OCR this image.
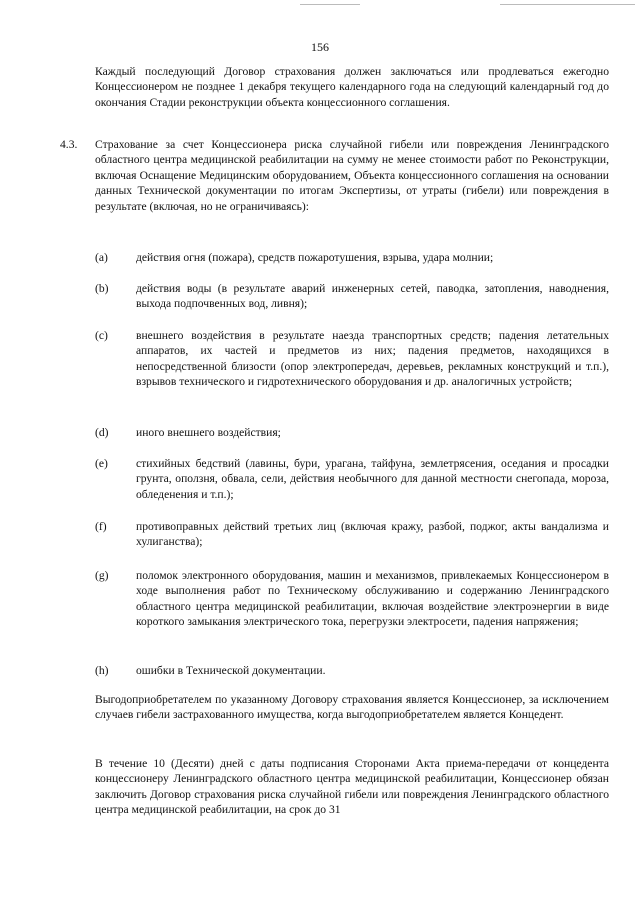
156

Каждый последующий Договор страхования должен заключаться или продлеваться ежегодно Концессионером не позднее 1 декабря текущего календарного года на следующий календарный год до окончания Стадии реконструкции объекта концессионного соглашения.

4.3. Страхование за счет Концессионера риска случайной гибели или повреждения Ленинградского областного центра медицинской реабилитации на сумму не менее стоимости работ по Реконструкции, включая Оснащение Медицинским оборудованием, Объекта концессионного соглашения на основании данных Технической документации по итогам Экспертизы, от утраты (гибели) или повреждения в результате (включая, но не ограничиваясь):

(a) действия огня (пожара), средств пожаротушения, взрыва, удара молнии;

(b) действия воды (в результате аварий инженерных сетей, паводка, затопления, наводнения, выхода подпочвенных вод, ливня);

(c) внешнего воздействия в результате наезда транспортных средств; падения летательных аппаратов, их частей и предметов из них; падения предметов, находящихся в непосредственной близости (опор электропередач, деревьев, рекламных конструкций и т.п.), взрывов технического и гидротехнического оборудования и др. аналогичных устройств;

(d) иного внешнего воздействия;

(e) стихийных бедствий (лавины, бури, урагана, тайфуна, землетрясения, оседания и просадки грунта, оползня, обвала, сели, действия необычного для данной местности снегопада, мороза, обледенения и т.п.);

(f)	противоправных действий третьих лиц (включая кражу, разбой, поджог, акты вандализма и хулиганства);

(g) поломок электронного оборудования, машин и механизмов, привлекаемых Концессионером в ходе выполнения работ по Техническому обслуживанию и содержанию Ленинградского областного центра медицинской реабилитации, включая воздействие электроэнергии в виде короткого замыкания электрического тока, перегрузки электросети, падения напряжения;

(h) ошибки в Технической документации.

Выгодоприобретателем по указанному Договору страхования является Концессионер, за исключением случаев гибели застрахованного имущества, когда выгодоприобретателем является Концедент.

В течение 10 (Десяти) дней с даты подписания Сторонами Акта приема-передачи от концедента концессионеру Ленинградского областного центра медицинской реабилитации, Концессионер обязан заключить Договор страхования риска случайной гибели или повреждения Ленинградского областного центра медицинской реабилитации, на срок до 31
